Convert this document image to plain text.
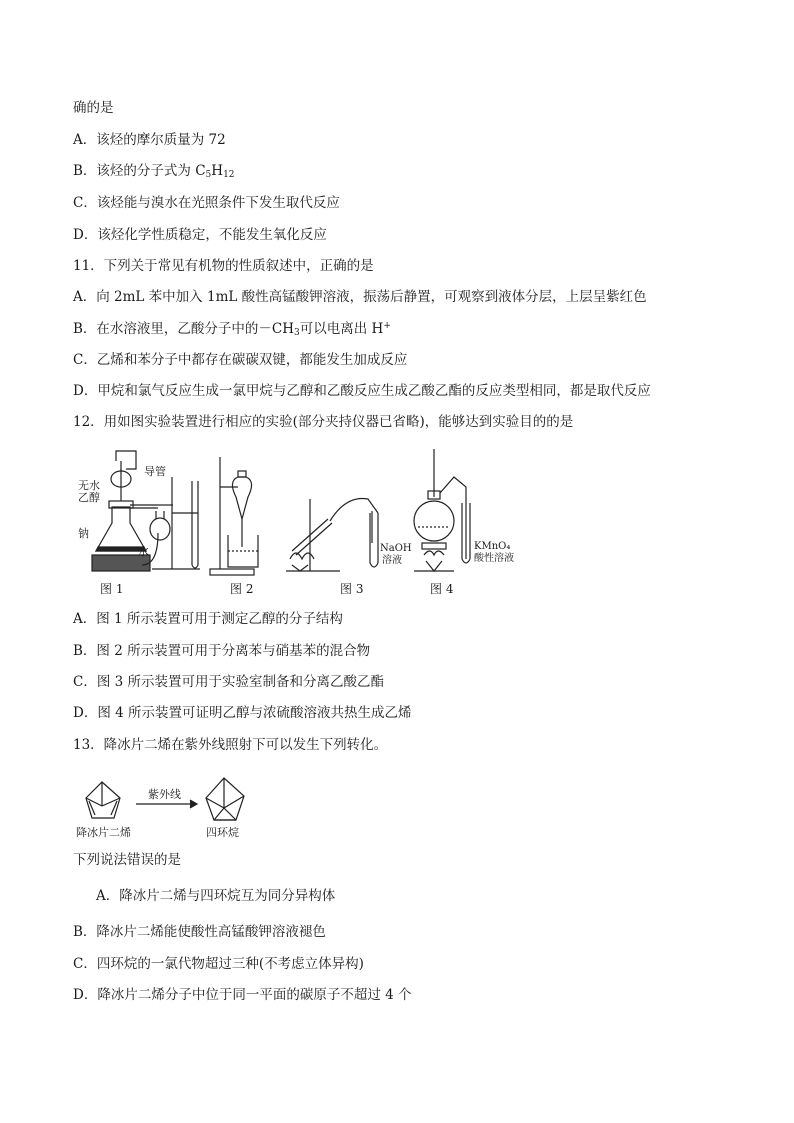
确的是
A．该烃的摩尔质量为 72
B．该烃的分子式为 $C_5H_{12}$
C．该烃能与溴水在光照条件下发生取代反应
D．该烃化学性质稳定，不能发生氧化反应
11．下列关于常见有机物的性质叙述中，正确的是
A．向 2mL 苯中加入 1mL 酸性高锰酸钾溶液，振荡后静置，可观察到液体分层，上层呈紫红色
B．在水溶液里，乙酸分子中的$-CH_3$可以电离出 H+
C．乙烯和苯分子中都存在碳碳双键，都能发生加成反应
D．甲烷和氯气反应生成一氯甲烷与乙醇和乙酸反应生成乙酸乙酯的反应类型相同，都是取代反应
12．用如图实验装置进行相应的实验(部分夹持仪器已省略)，能够达到实验目的的是
无水
乙醇
导管
钠
水
图 1	图 2
NaOH
溶液
图 3
KMnO₄
酸性溶液
图 4
A．图 1 所示装置可用于测定乙醇的分子结构
B．图 2 所示装置可用于分离苯与硝基苯的混合物
C．图 3 所示装置可用于实验室制备和分离乙酸乙酯
D．图 4 所示装置可证明乙醇与浓硫酸溶液共热生成乙烯
13．降冰片二烯在紫外线照射下可以发生下列转化。
紫外线
降冰片二烯	四环烷
下列说法错误的是
A．降冰片二烯与四环烷互为同分异构体
B．降冰片二烯能使酸性高锰酸钾溶液褪色
C．四环烷的一氯代物超过三种(不考虑立体异构)
D．降冰片二烯分子中位于同一平面的碳原子不超过 4 个
